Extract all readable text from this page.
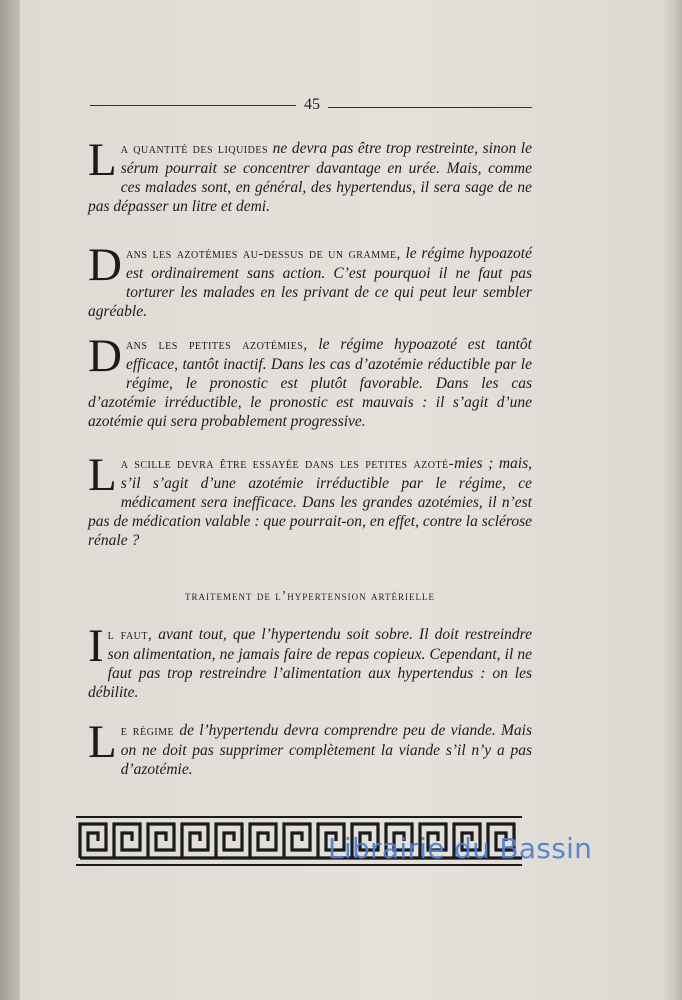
45
La quantité des liquides ne devra pas être trop restreinte, sinon le sérum pourrait se concentrer davantage en urée. Mais, comme ces malades sont, en général, des hypertendus, il sera sage de ne pas dépasser un litre et demi.
Dans les azotémies au-dessus de un gramme, le régime hypoazoté est ordinairement sans action. C’est pourquoi il ne faut pas torturer les malades en les privant de ce qui peut leur sembler agréable.
Dans les petites azotémies, le régime hypoazoté est tantôt efficace, tantôt inactif. Dans les cas d’azotémie réductible par le régime, le pronostic est plutôt favorable. Dans les cas d’azotémie irréductible, le pronostic est mauvais : il s’agit d’une azotémie qui sera probablement progressive.
La scille devra être essayée dans les petites azoté-mies ; mais, s’il s’agit d’une azotémie irréductible par le régime, ce médicament sera inefficace. Dans les grandes azotémies, il n’est pas de médication valable : que pourrait-on, en effet, contre la sclérose rénale ?
traitement de l’hypertension artérielle
Il faut, avant tout, que l’hypertendu soit sobre. Il doit restreindre son alimentation, ne jamais faire de repas copieux. Cependant, il ne faut pas trop restreindre l’alimentation aux hypertendus : on les débilite.
Le régime de l’hypertendu devra comprendre peu de viande. Mais on ne doit pas supprimer complètement la viande s’il n’y a pas d’azotémie.
Librairie du Bassin
